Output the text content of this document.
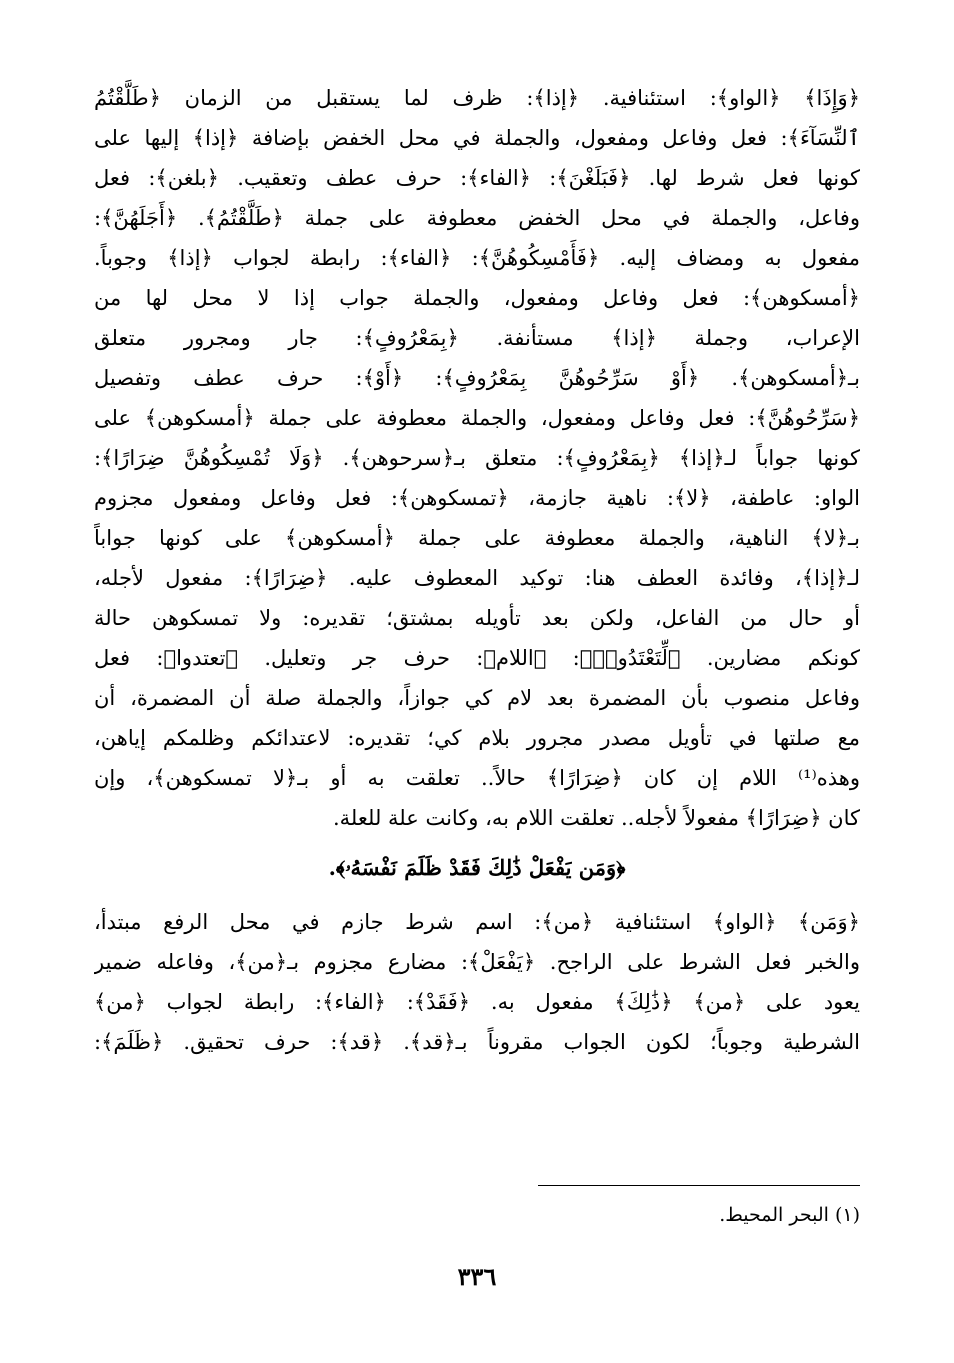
﴿وَإِذَا﴾ ﴿الواو﴾: استئنافية. ﴿إذا﴾: ظرف لما يستقبل من الزمان ﴿طَلَّقْتُمُ
ٱلنِّسَآءَ﴾: فعل وفاعل ومفعول، والجملة في محل الخفض بإضافة ﴿إذا﴾ إليها على
كونها فعل شرط لها. ﴿فَبَلَغْنَ﴾: ﴿الفاء﴾: حرف عطف وتعقيب. ﴿بلغن﴾: فعل
وفاعل، والجملة في محل الخفض معطوفة على جملة ﴿طَلَّقْتُمُ﴾. ﴿أَجَلَهُنَّ﴾:
مفعول به ومضاف إليه. ﴿فَأَمْسِكُوهُنَّ﴾: ﴿الفاء﴾: رابطة لجواب ﴿إذا﴾ وجوباً.
﴿أمسكوهن﴾: فعل وفاعل ومفعول، والجملة جواب إذا لا محل لها من
الإعراب، وجملة ﴿إذا﴾ مستأنفة. ﴿بِمَعْرُوفٍ﴾: جار ومجرور متعلق
بـ﴿أمسكوهن﴾. ﴿أَوْ سَرِّحُوهُنَّ بِمَعْرُوفٍ﴾: ﴿أَوْ﴾: حرف عطف وتفصيل
﴿سَرِّحُوهُنَّ﴾: فعل وفاعل ومفعول، والجملة معطوفة على جملة ﴿أمسكوهن﴾ على
كونها جواباً لـ﴿إذا﴾ ﴿بِمَعْرُوفٍ﴾: متعلق بـ﴿سرحوهن﴾. ﴿وَلَا تُمْسِكُوهُنَّ ضِرَارًا﴾:
الواو: عاطفة، ﴿لا﴾: ناهية جازمة، ﴿تمسكوهن﴾: فعل وفاعل ومفعول مجزوم
بـ﴿لا﴾ الناهية، والجملة معطوفة على جملة ﴿أمسكوهن﴾ على كونها جواباً
لـ﴿إذا﴾، وفائدة العطف هنا: توكيد المعطوف عليه. ﴿ضِرَارًا﴾: مفعول لأجله،
أو حال من الفاعل، ولكن بعد تأويله بمشتق؛ تقديره: ولا تمسكوهن حالة
كونكم مضارين. ﴿لِّتَعْتَدُوا۟﴾: ﴿اللام﴾: حرف جر وتعليل. ﴿تعتدوا﴾: فعل
وفاعل منصوب بأن المضمرة بعد لام كي جوازاً، والجملة صلة أن المضمرة، أن
مع صلتها في تأويل مصدر مجرور بلام كي؛ تقديره: لاعتدائكم وظلمكم إياهن،
وهذه⁽¹⁾ اللام إن كان ﴿ضِرَارًا﴾ حالاً.. تعلقت به أو بـ﴿لا تمسكوهن﴾، وإن
كان ﴿ضِرَارًا﴾ مفعولاً لأجله.. تعلقت اللام به، وكانت علة للعلة.
﴿وَمَن يَفْعَلْ ذَٰلِكَ فَقَدْ ظَلَمَ نَفْسَهُۥ﴾.
﴿وَمَن﴾ ﴿الواو﴾ استئنافية ﴿من﴾: اسم شرط جازم في محل الرفع مبتدأ،
والخبر فعل الشرط على الراجح. ﴿يَفْعَلْ﴾: مضارع مجزوم بـ﴿من﴾، وفاعله ضمير
يعود على ﴿من﴾ ﴿ذَٰلِكَ﴾ مفعول به. ﴿فَقَدْ﴾: ﴿الفاء﴾: رابطة لجواب ﴿من﴾
الشرطية وجوباً؛ لكون الجواب مقروناً بـ﴿قد﴾. ﴿قد﴾: حرف تحقيق. ﴿ظَلَمَ﴾:
(١) البحر المحيط.
٣٣٦
